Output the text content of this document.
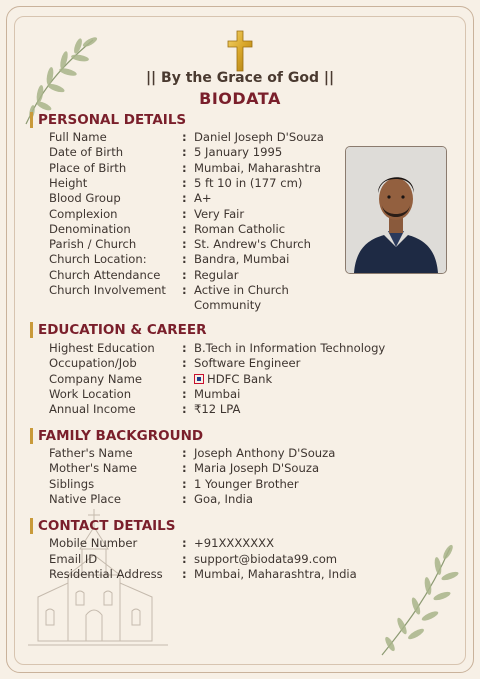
|| By the Grace of God ||
BIODATA
PERSONAL DETAILS
Full Name	: Daniel Joseph D'Souza
Date of Birth	: 5 January 1995
Place of Birth	: Mumbai, Maharashtra
Height	: 5 ft 10 in (177 cm)
Blood Group	: A+
Complexion	: Very Fair
Denomination	: Roman Catholic
Parish / Church	: St. Andrew's Church
Church Location:	: Bandra, Mumbai
Church Attendance	: Regular
Church Involvement	: Active in Church Community
EDUCATION & CAREER
Highest Education	: B.Tech in Information Technology
Occupation/Job	: Software Engineer
Company Name	:	HDFC Bank
Work Location	: Mumbai
Annual Income	: ₹12 LPA
FAMILY BACKGROUND
Father's Name	: Joseph Anthony D'Souza
Mother's Name	: Maria Joseph D'Souza
Siblings	: 1 Younger Brother
Native Place	: Goa, India
CONTACT DETAILS
Mobile Number	: +91XXXXXXX
Email ID	: support@biodata99.com
Residential Address	: Mumbai, Maharashtra, India
